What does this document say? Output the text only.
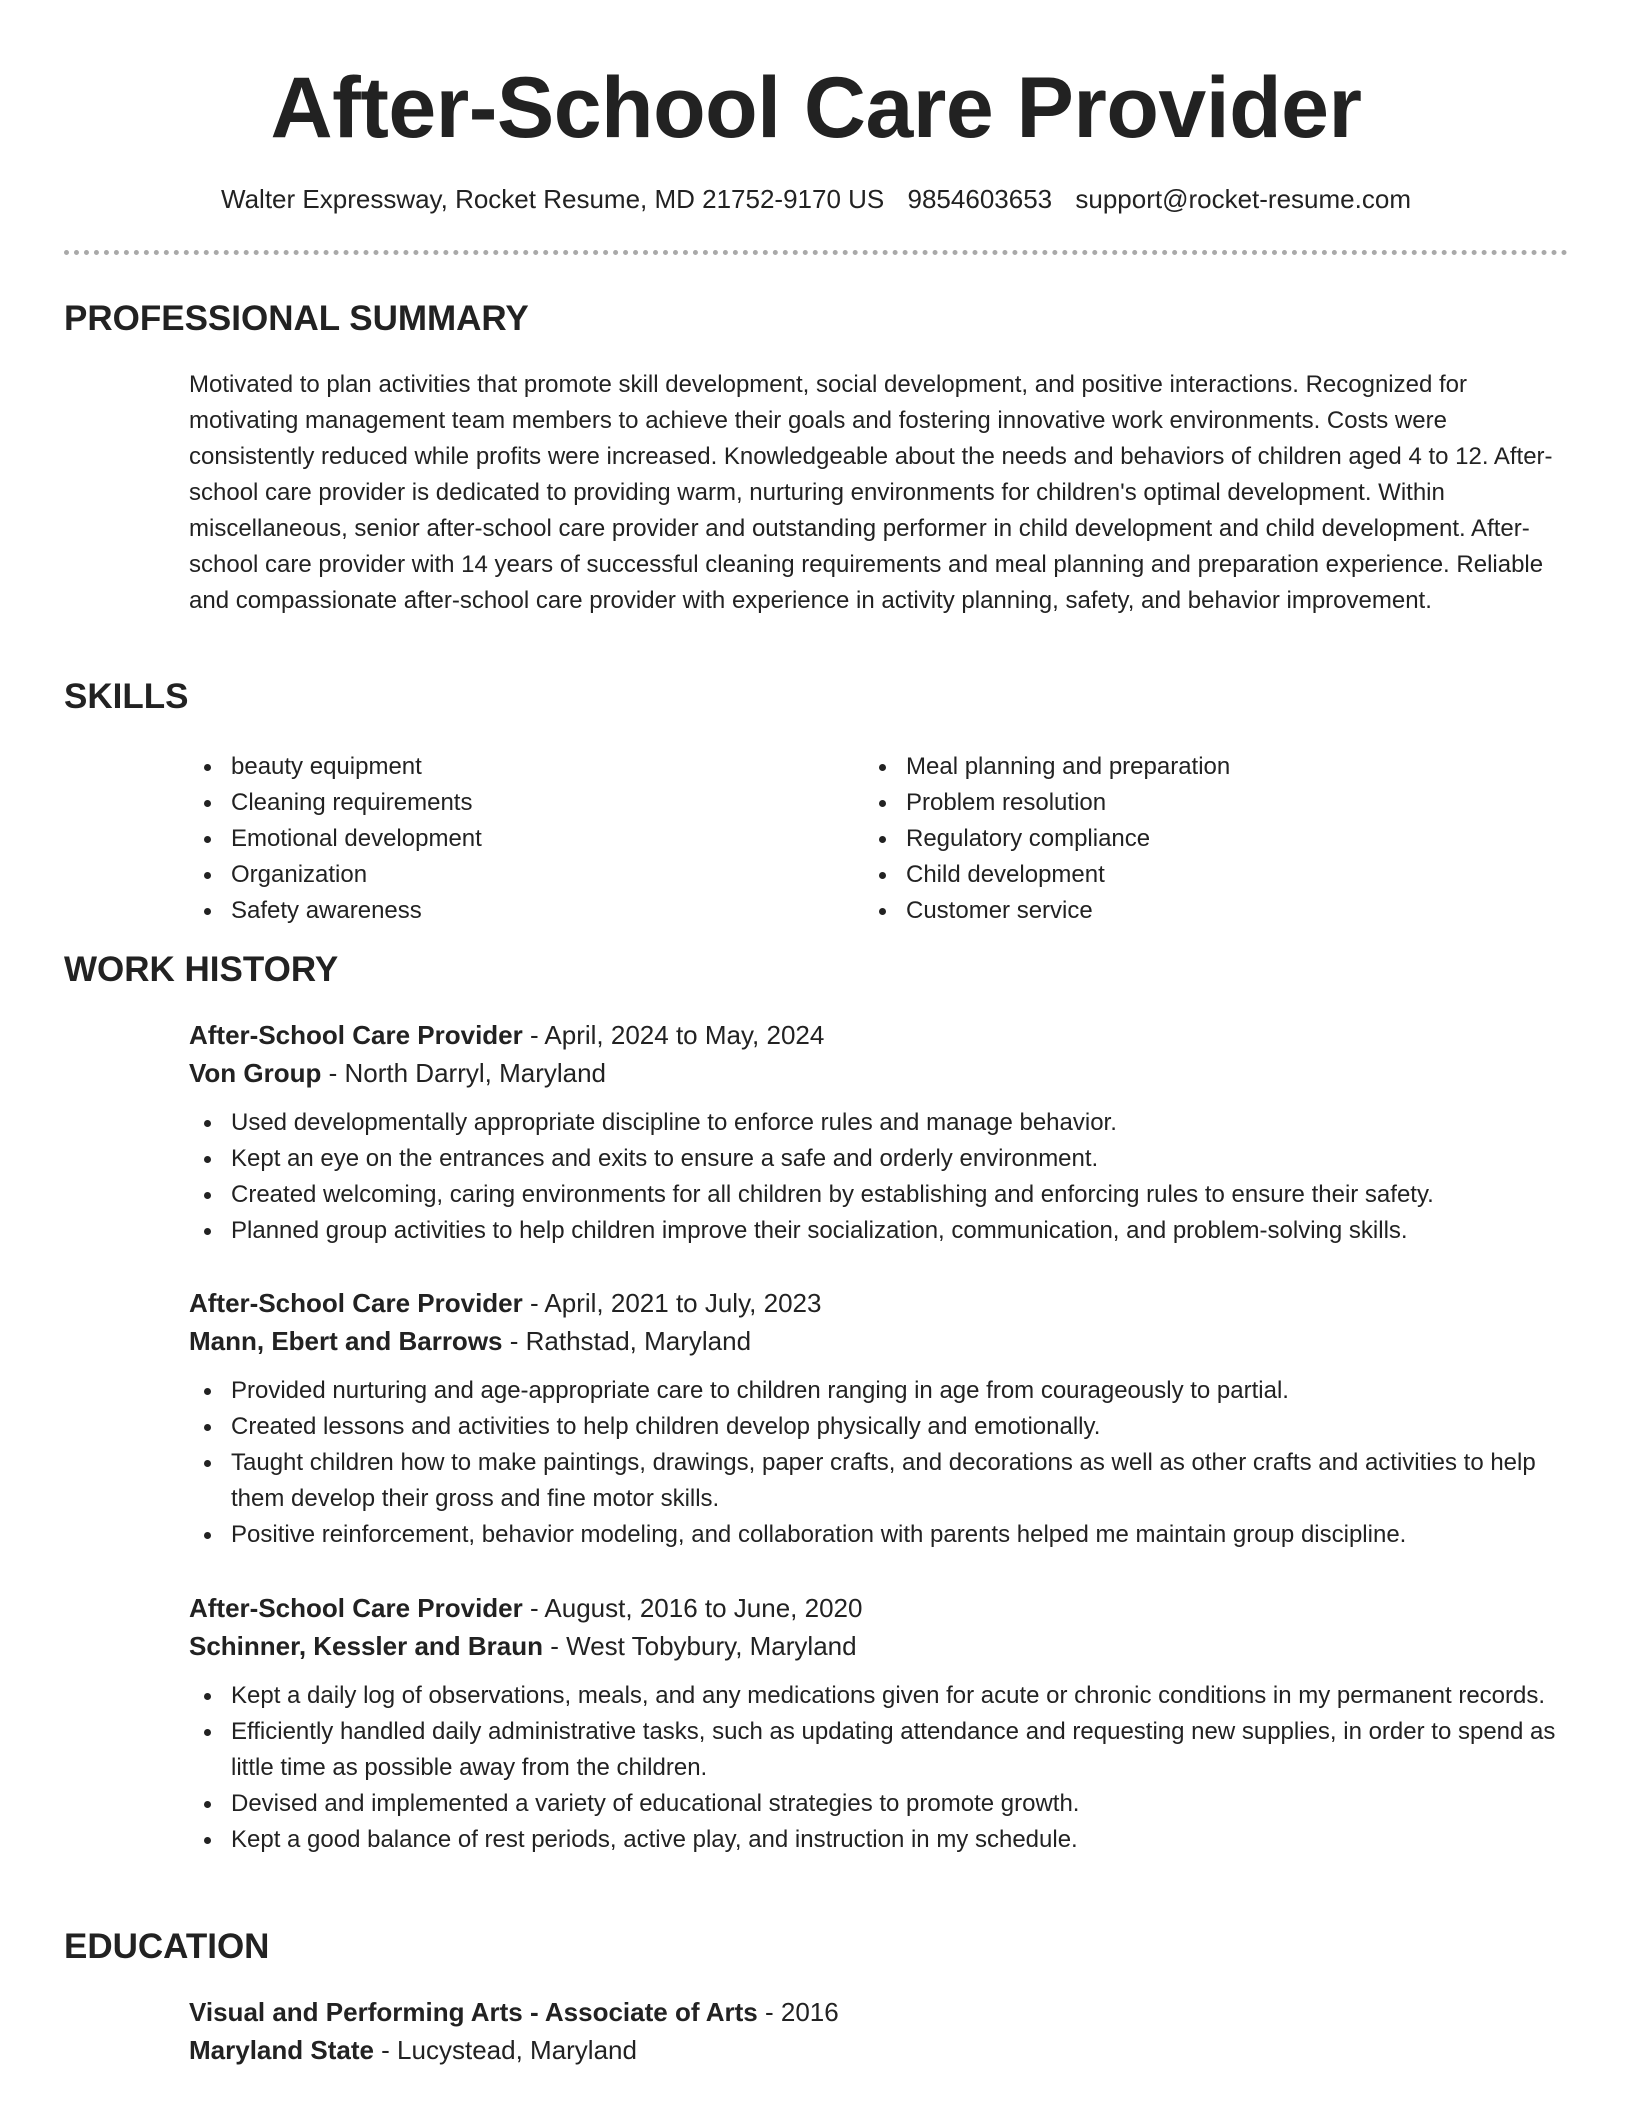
After-School Care Provider
Walter Expressway, Rocket Resume, MD 21752-9170 US 9854603653 support@rocket-resume.com
PROFESSIONAL SUMMARY

Motivated to plan activities that promote skill development, social development, and positive interactions. Recognized for motivating management team members to achieve their goals and fostering innovative work environments. Costs were consistently reduced while profits were increased. Knowledgeable about the needs and behaviors of children aged 4 to 12. After-school care provider is dedicated to providing warm, nurturing environments for children's optimal development. Within miscellaneous, senior after-school care provider and outstanding performer in child development and child development. After-school care provider with 14 years of successful cleaning requirements and meal planning and preparation experience. Reliable and compassionate after-school care provider with experience in activity planning, safety, and behavior improvement.

SKILLS
beauty equipment
Cleaning requirements
Emotional development
Organization
Safety awareness
Meal planning and preparation
Problem resolution
Regulatory compliance
Child development
Customer service
WORK HISTORY
After-School Care Provider - April, 2024 to May, 2024
Von Group - North Darryl, Maryland
Used developmentally appropriate discipline to enforce rules and manage behavior.
Kept an eye on the entrances and exits to ensure a safe and orderly environment.
Created welcoming, caring environments for all children by establishing and enforcing rules to ensure their safety.
Planned group activities to help children improve their socialization, communication, and problem-solving skills.
After-School Care Provider - April, 2021 to July, 2023
Mann, Ebert and Barrows - Rathstad, Maryland
Provided nurturing and age-appropriate care to children ranging in age from courageously to partial.
Created lessons and activities to help children develop physically and emotionally.
Taught children how to make paintings, drawings, paper crafts, and decorations as well as other crafts and activities to help them develop their gross and fine motor skills.
Positive reinforcement, behavior modeling, and collaboration with parents helped me maintain group discipline.
After-School Care Provider - August, 2016 to June, 2020
Schinner, Kessler and Braun - West Tobybury, Maryland
Kept a daily log of observations, meals, and any medications given for acute or chronic conditions in my permanent records.
Efficiently handled daily administrative tasks, such as updating attendance and requesting new supplies, in order to spend as little time as possible away from the children.
Devised and implemented a variety of educational strategies to promote growth.
Kept a good balance of rest periods, active play, and instruction in my schedule.
EDUCATION
Visual and Performing Arts - Associate of Arts - 2016
Maryland State - Lucystead, Maryland
